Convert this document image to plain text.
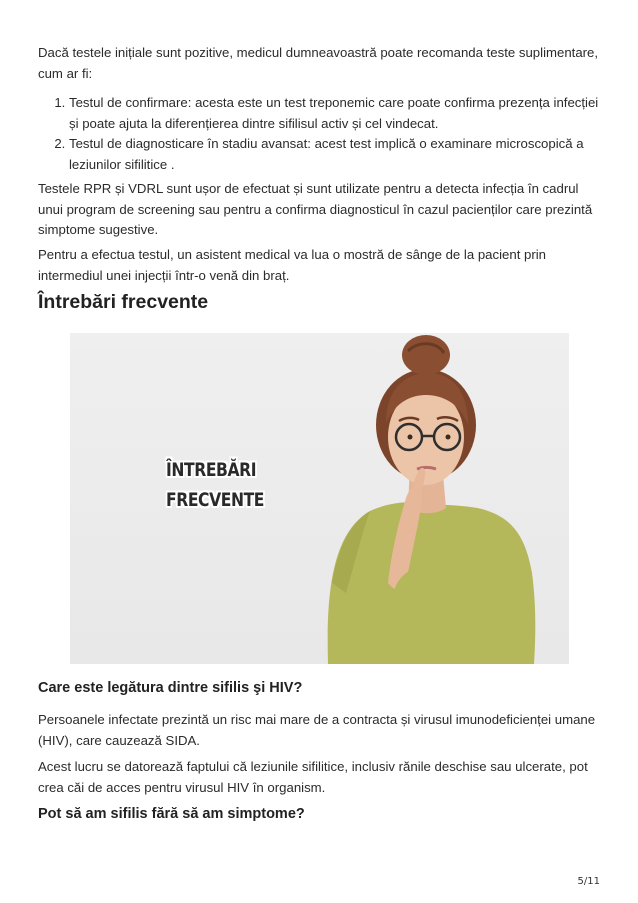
Dacă testele inițiale sunt pozitive, medicul dumneavoastră poate recomanda teste suplimentare, cum ar fi:

1. Testul de confirmare: acesta este un test treponemic care poate confirma prezența infecției și poate ajuta la diferențierea dintre sifilisul activ și cel vindecat.
2. Testul de diagnosticare în stadiu avansat: acest test implică o examinare microscopică a leziunilor sifilitice .

Testele RPR și VDRL sunt ușor de efectuat și sunt utilizate pentru a detecta infecția în cadrul unui program de screening sau pentru a confirma diagnosticul în cazul pacienților care prezintă simptome sugestive.

Pentru a efectua testul, un asistent medical va lua o mostră de sânge de la pacient prin intermediul unei injecții într-o venă din braț.

Întrebări frecvente
ÎNTREBĂRI
FRECVENTE
Care este legătura dintre sifilis şi HIV?

Persoanele infectate prezintă un risc mai mare de a contracta și virusul imunodeficienței umane (HIV), care cauzează SIDA.

Acest lucru se datorează faptului că leziunile sifilitice, inclusiv rănile deschise sau ulcerate, pot crea căi de acces pentru virusul HIV în organism.

Pot să am sifilis fără să am simptome?
5/11
